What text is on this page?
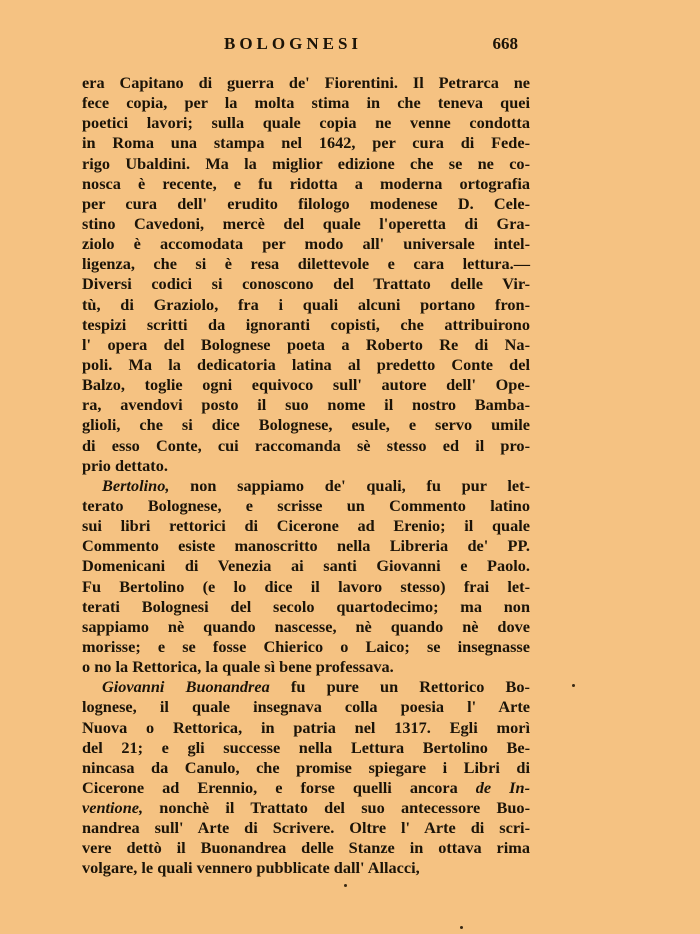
BOLOGNESI	668
era Capitano di guerra de' Fiorentini. Il Petrarca ne
fece copia, per la molta stima in che teneva quei
poetici lavori; sulla quale copia ne venne condotta
in Roma una stampa nel 1642, per cura di Fede-
rigo Ubaldini. Ma la miglior edizione che se ne co-
nosca è recente, e fu ridotta a moderna ortografia
per cura dell' erudito filologo modenese D. Cele-
stino Cavedoni, mercè del quale l'operetta di Gra-
ziolo è accomodata per modo all' universale intel-
ligenza, che si è resa dilettevole e cara lettura.—
Diversi codici si conoscono del Trattato delle Vir-
tù, di Graziolo, fra i quali alcuni portano fron-
tespizi scritti da ignoranti copisti, che attribuirono
l' opera del Bolognese poeta a Roberto Re di Na-
poli. Ma la dedicatoria latina al predetto Conte del
Balzo, toglie ogni equivoco sull' autore dell' Ope-
ra, avendovi posto il suo nome il nostro Bamba-
glioli, che si dice Bolognese, esule, e servo umile
di esso Conte, cui raccomanda sè stesso ed il pro-
prio dettato.
Bertolino, non sappiamo de' quali, fu pur let-
terato Bolognese, e scrisse un Commento latino
sui libri rettorici di Cicerone ad Erenio; il quale
Commento esiste manoscritto nella Libreria de' PP.
Domenicani di Venezia ai santi Giovanni e Paolo.
Fu Bertolino (e lo dice il lavoro stesso) frai let-
terati Bolognesi del secolo quartodecimo; ma non
sappiamo nè quando nascesse, nè quando nè dove
morisse; e se fosse Chierico o Laico; se insegnasse
o no la Rettorica, la quale sì bene professava.
Giovanni Buonandrea fu pure un Rettorico Bo-
lognese, il quale insegnava colla poesia l' Arte
Nuova o Rettorica, in patria nel 1317. Egli morì
del 21; e gli successe nella Lettura Bertolino Be-
nincasa da Canulo, che promise spiegare i Libri di
Cicerone ad Erennio, e forse quelli ancora de In-
ventione, nonchè il Trattato del suo antecessore Buo-
nandrea sull' Arte di Scrivere. Oltre l' Arte di scri-
vere dettò il Buonandrea delle Stanze in ottava rima
volgare, le quali vennero pubblicate dall' Allacci,
